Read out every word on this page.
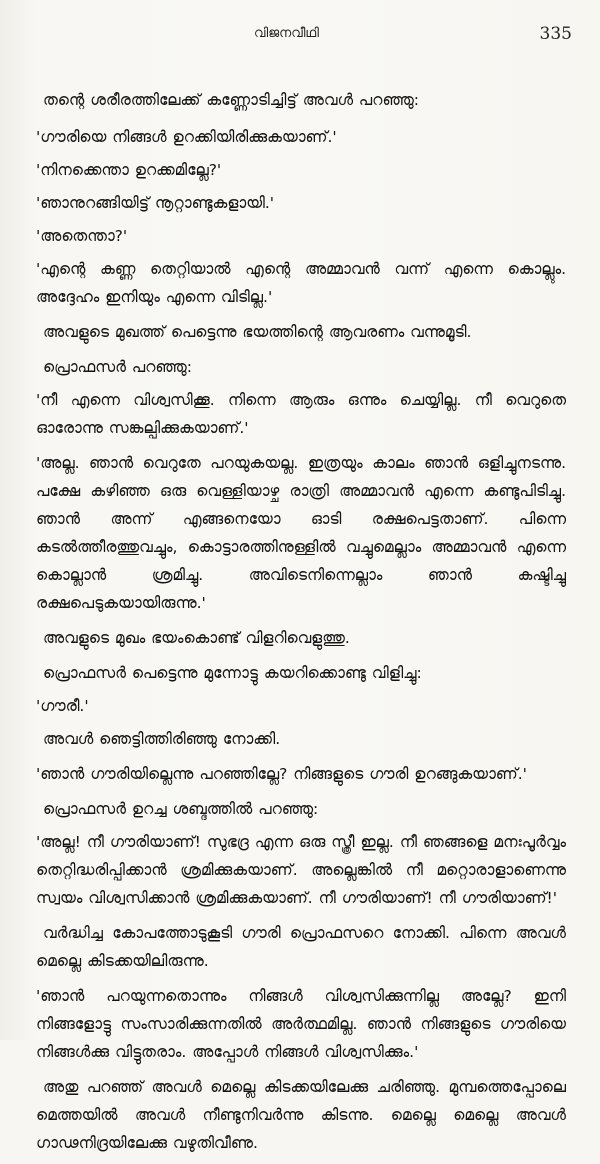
വിജനവീഥി	335

തന്റെ ശരീരത്തിലേക്ക് കണ്ണോടിച്ചിട്ട് അവൾ പറഞ്ഞു:

'ഗൗരിയെ നിങ്ങൾ ഉറക്കിയിരിക്കുകയാണ്.'

'നിനക്കെന്താ ഉറക്കമില്ലേ?'

'ഞാനുറങ്ങിയിട്ട് നൂറ്റാണ്ടുകളായി.'

'അതെന്താ?'

'എന്റെ കണ്ണ തെറ്റിയാൽ എന്റെ അമ്മാവൻ വന്ന് എന്നെ കൊല്ലും. അദ്ദേഹം ഇനിയും എന്നെ വിടില്ല.'

അവളുടെ മുഖത്ത് പെട്ടെന്നു ഭയത്തിന്റെ ആവരണം വന്നുമൂടി.

പ്രൊഫസർ പറഞ്ഞു:

'നീ എന്നെ വിശ്വസിക്കൂ. നിന്നെ ആരും ഒന്നും ചെയ്യില്ല. നീ വെറുതെ ഓരോന്നു സങ്കല്പിക്കുകയാണ്.'

'അല്ല. ഞാൻ വെറുതേ പറയുകയല്ല. ഇത്രയും കാലം ഞാൻ ഒളിച്ചുനടന്നു. പക്ഷേ കഴിഞ്ഞ ഒരു വെള്ളിയാഴ്ച രാത്രി അമ്മാവൻ എന്നെ കണ്ടുപിടിച്ചു. ഞാൻ അന്ന് എങ്ങനെയോ ഓടി രക്ഷപെട്ടതാണ്. പിന്നെ കടൽത്തീരത്തുവച്ചും, കൊട്ടാരത്തിനുള്ളിൽ വച്ചുമെല്ലാം അമ്മാവൻ എന്നെ കൊല്ലാൻ ശ്രമിച്ചു. അവിടെനിന്നെല്ലാം ഞാൻ കഷ്ടിച്ചു രക്ഷപെടുകയായിരുന്നു.'

അവളുടെ മുഖം ഭയംകൊണ്ട് വിളറിവെളുത്തു.

പ്രൊഫസർ പെട്ടെന്നു മുന്നോട്ടു കയറിക്കൊണ്ടു വിളിച്ചു:

'ഗൗരീ.'

അവൾ ഞെട്ടിത്തിരിഞ്ഞു നോക്കി.

'ഞാൻ ഗൗരിയില്ലെന്നു പറഞ്ഞില്ലേ? നിങ്ങളുടെ ഗൗരി ഉറങ്ങുകയാണ്.'

പ്രൊഫസർ ഉറച്ച ശബ്ദത്തിൽ പറഞ്ഞു:

'അല്ല! നീ ഗൗരിയാണ്! സുഭദ്ര എന്ന ഒരു സ്ത്രീ ഇല്ല. നീ ഞങ്ങളെ മനഃപൂർവ്വം തെറ്റിദ്ധരിപ്പിക്കാൻ ശ്രമിക്കുകയാണ്. അല്ലെങ്കിൽ നീ മറ്റൊരാളാണെന്നു സ്വയം വിശ്വസിക്കാൻ ശ്രമിക്കുകയാണ്. നീ ഗൗരിയാണ്! നീ ഗൗരിയാണ്!'

വർദ്ധിച്ച കോപത്തോടുകൂടി ഗൗരി പ്രൊഫസറെ നോക്കി. പിന്നെ അവൾ മെല്ലെ കിടക്കയിലിരുന്നു.

'ഞാൻ പറയുന്നതൊന്നും നിങ്ങൾ വിശ്വസിക്കുന്നില്ല അല്ലേ? ഇനി നിങ്ങളോട്ടു സംസാരിക്കുന്നതിൽ അർത്ഥമില്ല. ഞാൻ നിങ്ങളുടെ ഗൗരിയെ നിങ്ങൾക്കു വിട്ടുതരാം. അപ്പോൾ നിങ്ങൾ വിശ്വസിക്കും.'

അതു പറഞ്ഞ് അവൾ മെല്ലെ കിടക്കയിലേക്കു ചരിഞ്ഞു. മുമ്പത്തെപ്പോലെ മെത്തയിൽ അവൾ നീണ്ടുനിവർന്നു കിടന്നു. മെല്ലെ മെല്ലെ അവൾ ഗാഢനിദ്രയിലേക്കു വഴുതിവീണു.
